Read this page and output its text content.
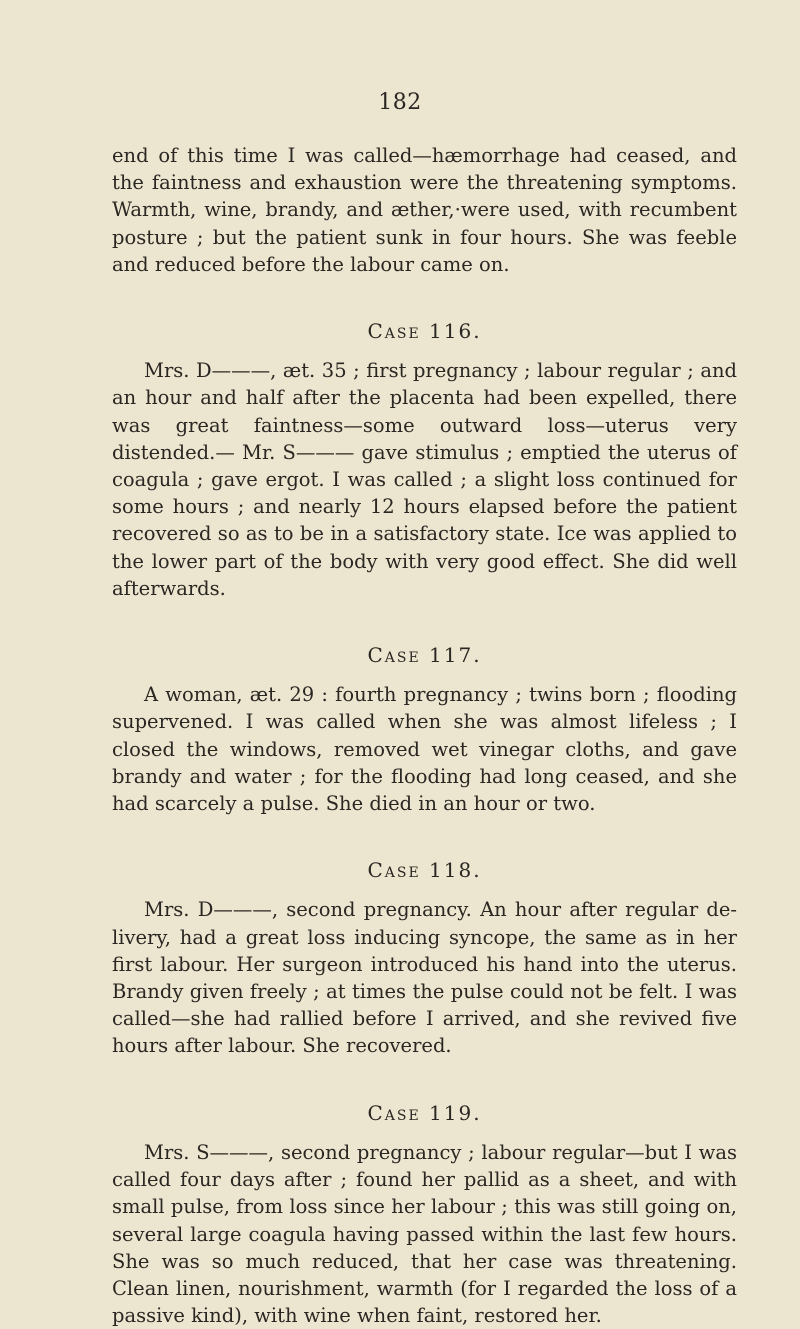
182

end of this time I was called—hæmorrhage had ceased, and the faintness and exhaustion were the threatening symptoms. Warmth, wine, brandy, and æther,·were used, with recumbent posture ; but the patient sunk in four hours. She was feeble and reduced before the labour came on.

Case 116.

Mrs. D———, æt. 35 ; first pregnancy ; labour regular ; and an hour and half after the placenta had been expelled, there was great faintness—some outward loss—uterus very distended.— Mr. S——— gave stimulus ; emptied the uterus of coagula ; gave ergot. I was called ; a slight loss continued for some hours ; and nearly 12 hours elapsed before the patient recovered so as to be in a satisfactory state. Ice was applied to the lower part of the body with very good effect. She did well afterwards.

Case 117.

A woman, æt. 29 : fourth pregnancy ; twins born ; flooding supervened. I was called when she was almost lifeless ; I closed the windows, removed wet vinegar cloths, and gave brandy and water ; for the flooding had long ceased, and she had scarcely a pulse. She died in an hour or two.

Case 118.

Mrs. D———, second pregnancy. An hour after regular de- livery, had a great loss inducing syncope, the same as in her first labour. Her surgeon introduced his hand into the uterus. Brandy given freely ; at times the pulse could not be felt. I was called—she had rallied before I arrived, and she revived five hours after labour. She recovered.

Case 119.

Mrs. S———, second pregnancy ; labour regular—but I was called four days after ; found her pallid as a sheet, and with small pulse, from loss since her labour ; this was still going on, several large coagula having passed within the last few hours. She was so much reduced, that her case was threatening. Clean linen, nourishment, warmth (for I regarded the loss of a passive kind), with wine when faint, restored her.
